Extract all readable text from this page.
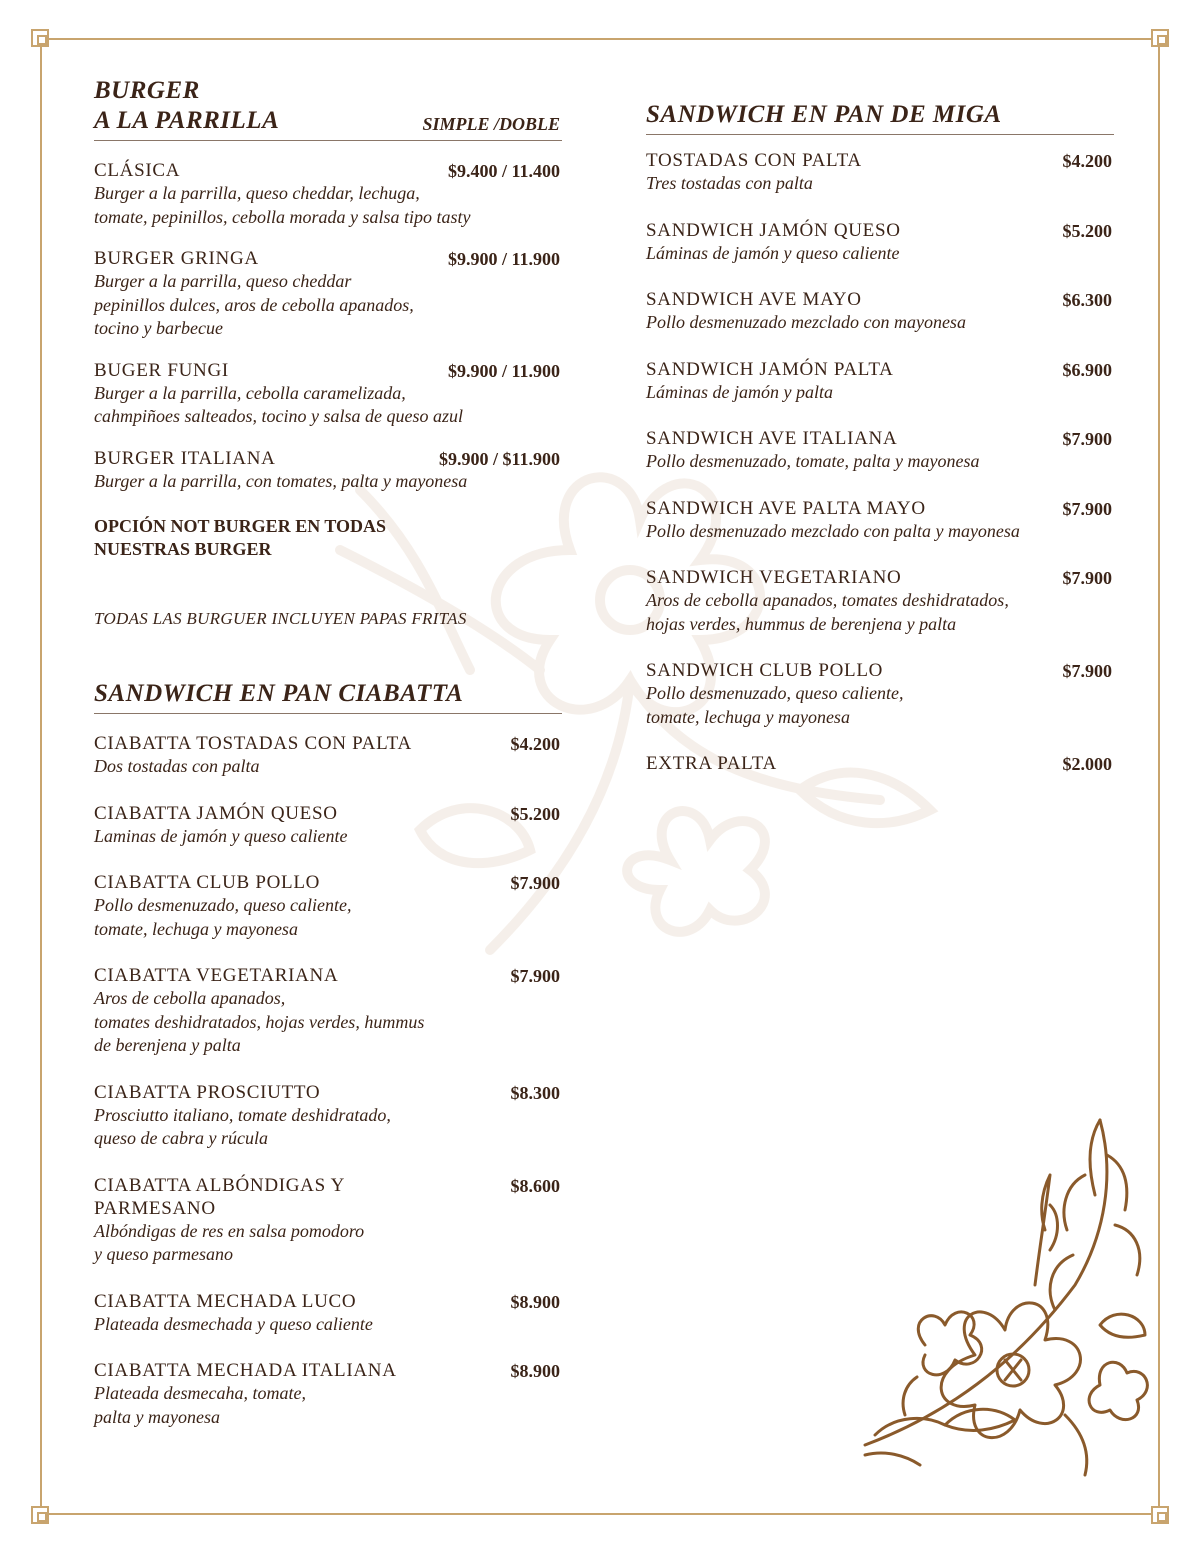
BURGER
A LA PARRILLA	SIMPLE /DOBLE
CLÁSICA	$9.400 / 11.400
Burger a la parrilla, queso cheddar, lechuga,
tomate, pepinillos, cebolla morada y salsa tipo tasty
BURGER GRINGA	$9.900 / 11.900
Burger a la parrilla, queso cheddar
pepinillos dulces, aros de cebolla apanados,
tocino y barbecue
BUGER FUNGI	$9.900 / 11.900
Burger a la parrilla, cebolla caramelizada,
cahmpiñoes salteados, tocino y salsa de queso azul
BURGER ITALIANA	$9.900 / $11.900
Burger a la parrilla, con tomates, palta y mayonesa
OPCIÓN NOT BURGER EN TODAS
NUESTRAS BURGER
TODAS LAS BURGUER INCLUYEN PAPAS FRITAS
SANDWICH EN PAN CIABATTA
CIABATTA TOSTADAS CON PALTA	$4.200
Dos tostadas con palta
CIABATTA JAMÓN QUESO	$5.200
Laminas de jamón y queso caliente
CIABATTA CLUB POLLO	$7.900
Pollo desmenuzado, queso caliente,
tomate, lechuga y mayonesa
CIABATTA VEGETARIANA	$7.900
Aros de cebolla apanados,
tomates deshidratados, hojas verdes, hummus
de berenjena y palta
CIABATTA PROSCIUTTO	$8.300
Prosciutto italiano, tomate deshidratado,
queso de cabra y rúcula
CIABATTA ALBÓNDIGAS Y PARMESANO
$8.600
Albóndigas de res en salsa pomodoro
y queso parmesano
CIABATTA MECHADA LUCO	$8.900
Plateada desmechada y queso caliente
CIABATTA MECHADA ITALIANA	$8.900
Plateada desmecaha, tomate,
palta y mayonesa
SANDWICH EN PAN DE MIGA
TOSTADAS CON PALTA	$4.200
Tres tostadas con palta
SANDWICH JAMÓN QUESO	$5.200
Láminas de jamón y queso caliente
SANDWICH AVE MAYO	$6.300
Pollo desmenuzado mezclado con mayonesa
SANDWICH JAMÓN PALTA	$6.900
Láminas de jamón y palta
SANDWICH AVE ITALIANA	$7.900
Pollo desmenuzado, tomate, palta y mayonesa
SANDWICH AVE PALTA MAYO	$7.900
Pollo desmenuzado mezclado con palta y mayonesa
SANDWICH VEGETARIANO	$7.900
Aros de cebolla apanados, tomates deshidratados,
hojas verdes, hummus de berenjena y palta
SANDWICH CLUB POLLO	$7.900
Pollo desmenuzado, queso caliente,
tomate, lechuga y mayonesa
EXTRA PALTA	$2.000
